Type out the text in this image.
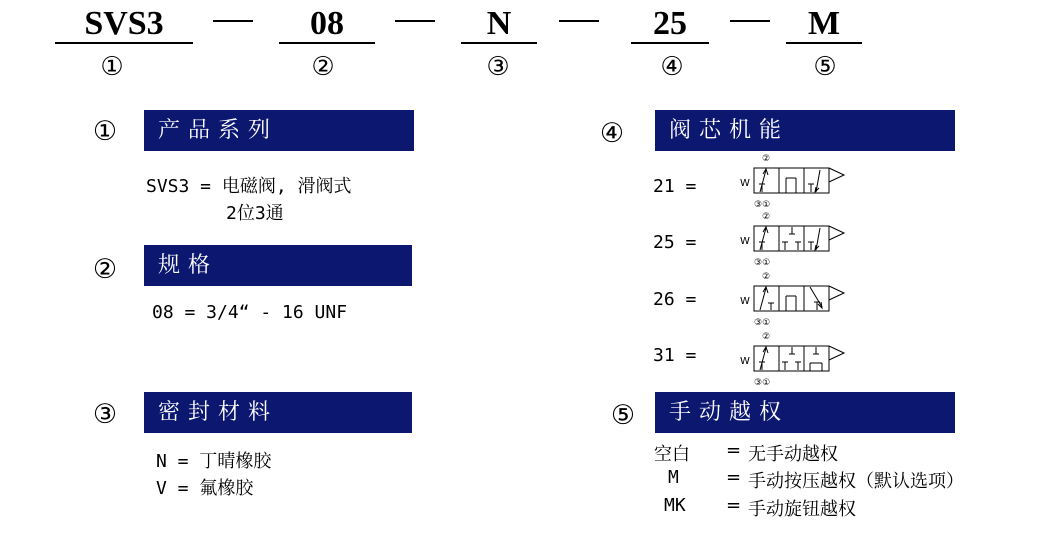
SVS3	08	N	25	M
①	②	③	④	⑤
①	产品系列
SVS3 = 电磁阀, 滑阀式
2位3通
②	规格
08 = 3/4“ - 16 UNF
③	密封材料
N = 丁晴橡胶
V = 氟橡胶
④	阀芯机能
21 =
25 =
26 =
31 =
②
W
③①
②
W
③①
②
W
③①
②
W
③①
⑤	手动越权
空白 = 无手动越权
M	= 手动按压越权（默认选项）
MK = 手动旋钮越权
